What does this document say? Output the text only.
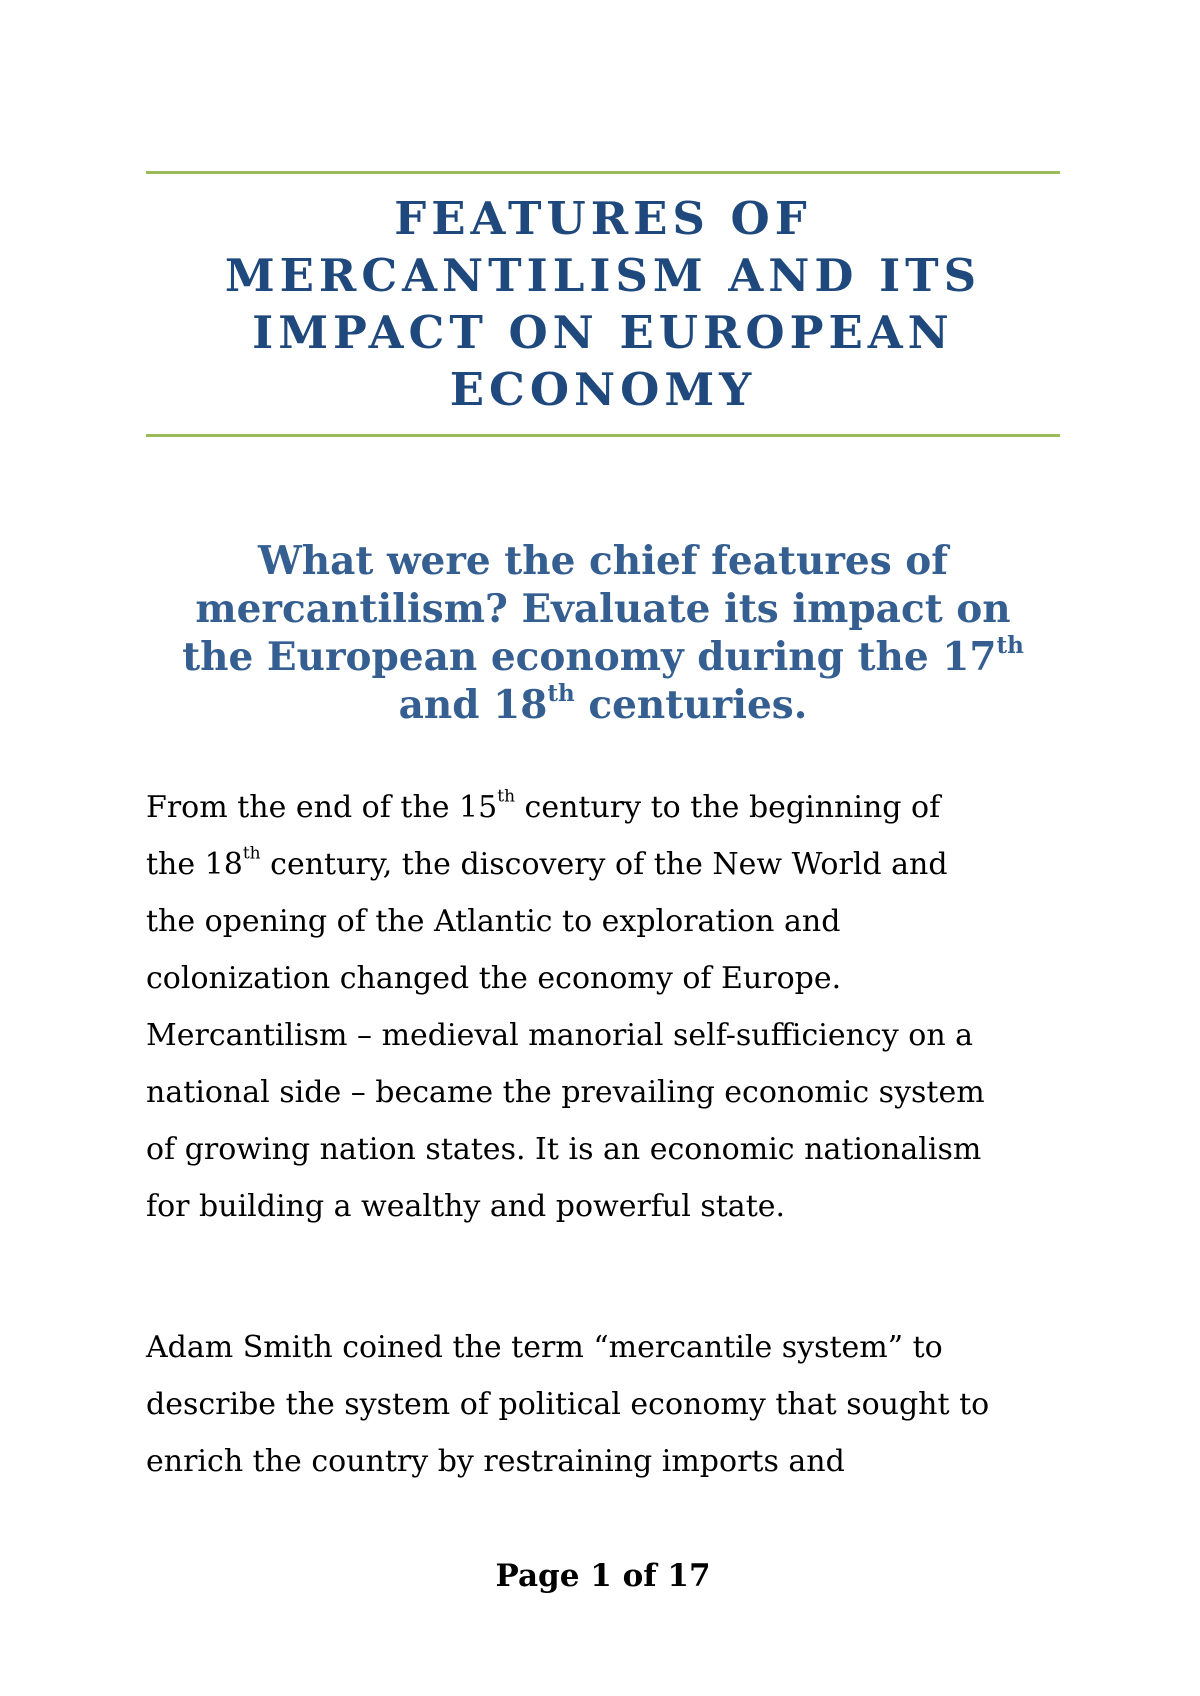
FEATURES OF
MERCANTILISM AND ITS
IMPACT ON EUROPEAN
ECONOMY
What were the chief features of
mercantilism? Evaluate its impact on
the European economy during the 17th
and 18th centuries.
From the end of the 15th century to the beginning of
the 18th century, the discovery of the New World and
the opening of the Atlantic to exploration and
colonization changed the economy of Europe.
Mercantilism – medieval manorial self-sufficiency on a
national side – became the prevailing economic system
of growing nation states. It is an economic nationalism
for building a wealthy and powerful state.
Adam Smith coined the term “mercantile system” to
describe the system of political economy that sought to
enrich the country by restraining imports and
Page 1 of 17
